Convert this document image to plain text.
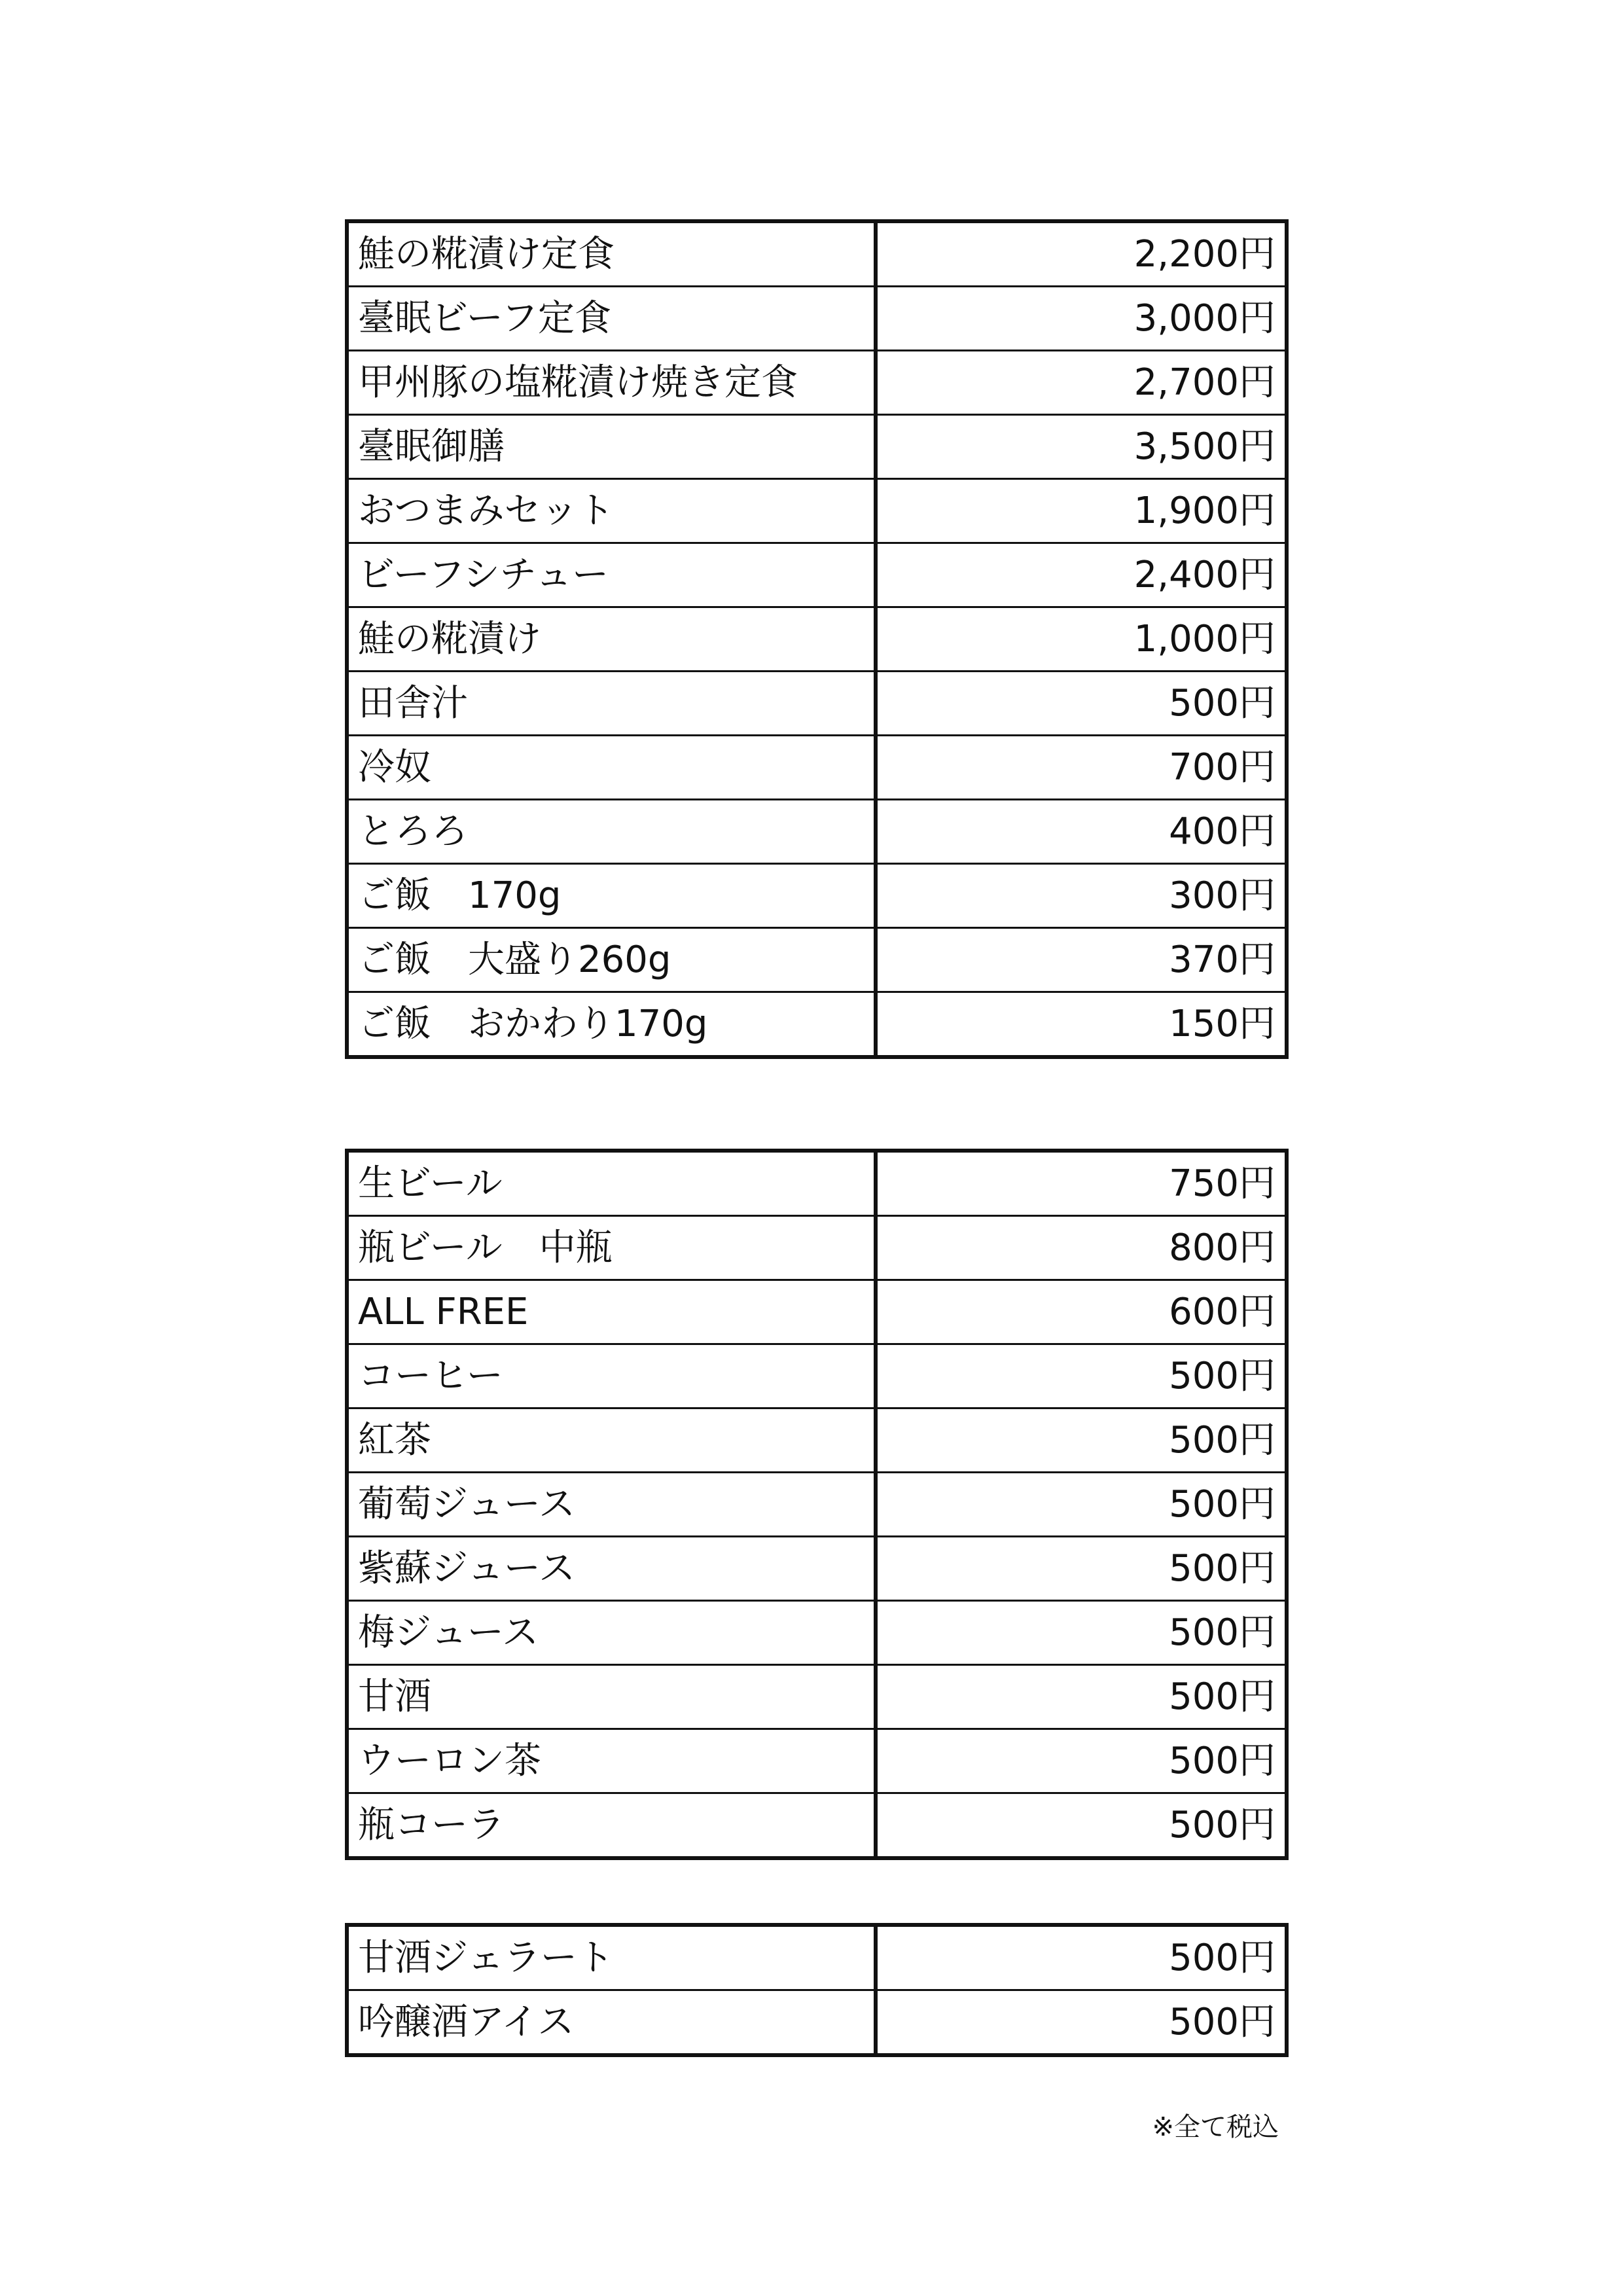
鮭の糀漬け定食	2,200円
臺眠ビーフ定食	3,000円
甲州豚の塩糀漬け焼き定食	2,700円
臺眠御膳	3,500円
おつまみセット	1,900円
ビーフシチュー	2,400円
鮭の糀漬け	1,000円
田舎汁	500円
冷奴	700円
とろろ	400円
ご飯　170g	300円
ご飯　大盛り260g	370円
ご飯　おかわり170g	150円
生ビール	750円
瓶ビール　中瓶	800円
ALL FREE	600円
コーヒー	500円
紅茶	500円
葡萄ジュース	500円
紫蘇ジュース	500円
梅ジュース	500円
甘酒	500円
ウーロン茶	500円
瓶コーラ	500円
甘酒ジェラート	500円
吟醸酒アイス	500円
※全て税込
